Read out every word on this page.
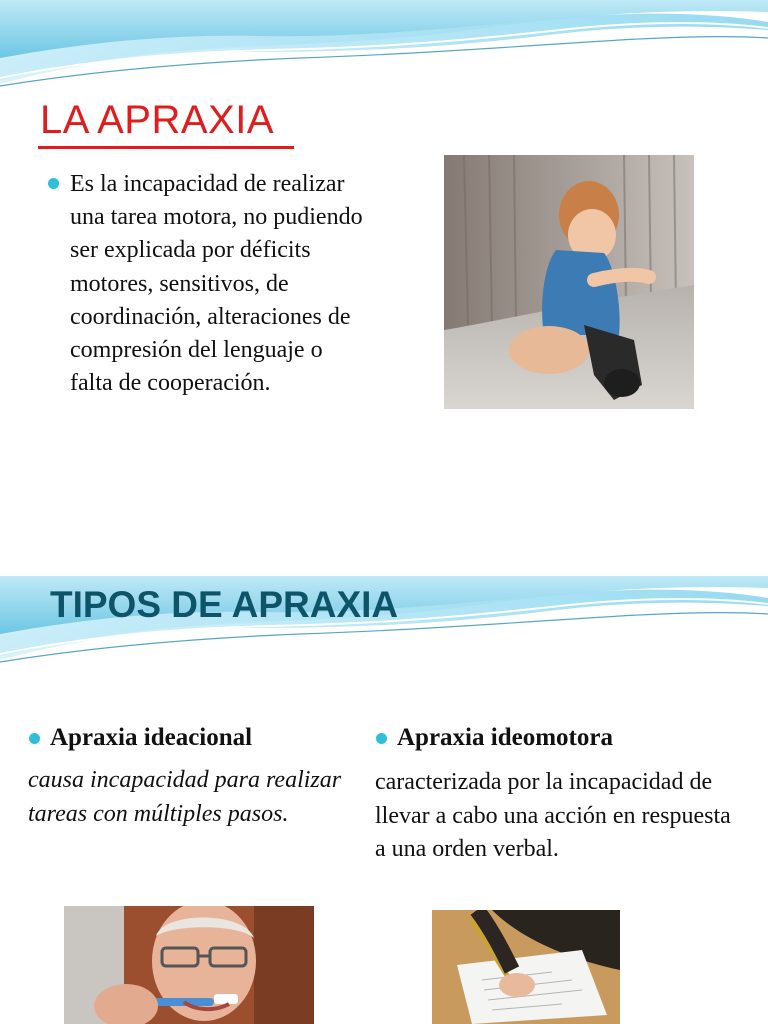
LA APRAXIA
Es la incapacidad de realizar una tarea motora, no pudiendo ser explicada por déficits motores, sensitivos, de coordinación, alteraciones de compresión del lenguaje o falta de cooperación.
TIPOS DE APRAXIA
Apraxia ideacional
causa incapacidad para realizar tareas con múltiples pasos.
Apraxia ideomotora
caracterizada por la incapacidad de llevar a cabo una acción en respuesta a una orden verbal.
